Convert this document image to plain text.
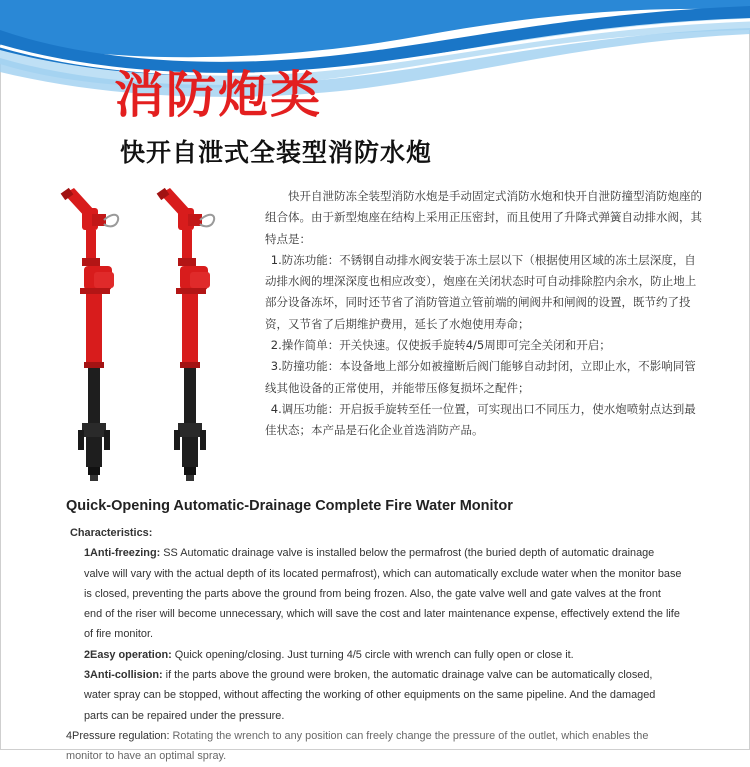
消防炮类
快开自泄式全装型消防水炮

快开自泄防冻全装型消防水炮是手动固定式消防水炮和快开自泄防撞型消防炮座的组合体。由于新型炮座在结构上采用正压密封，而且使用了升降式弹簧自动排水阀，其特点是：

1.防冻功能：不锈钢自动排水阀安装于冻土层以下（根据使用区域的冻土层深度，自动排水阀的埋深深度也相应改变），炮座在关闭状态时可自动排除腔内余水，防止地上部分设备冻坏，同时还节省了消防管道立管前端的闸阀井和闸阀的设置，既节约了投资，又节省了后期维护费用，延长了水炮使用寿命；

2.操作简单：开关快速。仅使扳手旋转4/5周即可完全关闭和开启；

3.防撞功能：本设备地上部分如被撞断后阀门能够自动封闭，立即止水，不影响同管线其他设备的正常使用，并能带压修复损坏之配件；

4.调压功能：开启扳手旋转至任一位置，可实现出口不同压力，使水炮喷射点达到最佳状态；本产品是石化企业首选消防产品。

Quick-Opening Automatic-Drainage Complete Fire Water Monitor

Characteristics:

1Anti-freezing: SS Automatic drainage valve is installed below the permafrost (the buried depth of automatic drainage valve will vary with the actual depth of its located permafrost), which can automatically exclude water when the monitor base is closed, preventing the parts above the ground from being frozen. Also, the gate valve well and gate valves at the front end of the riser will become unnecessary, which will save the cost and later maintenance expense, effectively extend the life of fire monitor.

2Easy operation: Quick opening/closing. Just turning 4/5 circle with wrench can fully open or close it.

3Anti-collision: if the parts above the ground were broken, the automatic drainage valve can be automatically closed, water spray can be stopped, without affecting the working of other equipments on the same pipeline. And the damaged parts can be repaired under the pressure.

4Pressure regulation: Rotating the wrench to any position can freely change the pressure of the outlet, which enables the monitor to have an optimal spray.
